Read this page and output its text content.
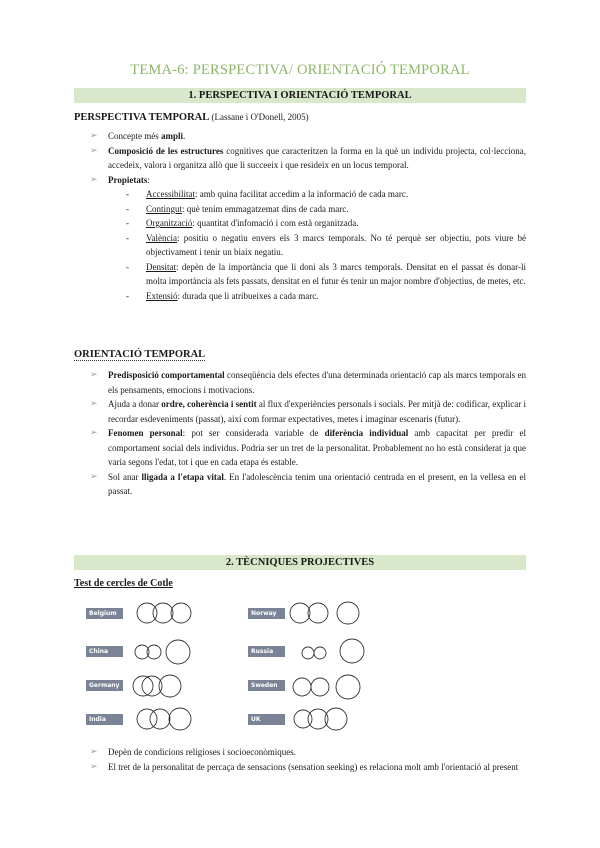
TEMA-6: PERSPECTIVA/ ORIENTACIÓ TEMPORAL
1. PERSPECTIVA I ORIENTACIÓ TEMPORAL
PERSPECTIVA TEMPORAL (Lassane i O'Donell, 2005)
➢ Concepte més ampli.
➢ Composició de les estructures cognitives que caracteritzen la forma en la què un individu projecta, col·lecciona, accedeix, valora i organitza allò que li succeeix i que resideix en un locus temporal.
➢ Propietats:
- Accessibilitat: amb quina facilitat accedim a la informació de cada marc.
- Contingut: què tenim emmagatzemat dins de cada marc.
- Organització: quantitat d'infomació i com està organitzada.
- València: positiu o negatiu envers els 3 marcs temporals. No té perquè ser objectiu, pots viure bé objectivament i tenir un biaix negatiu.
- Densitat: depèn de la importància que li doni als 3 marcs temporals. Densitat en el passat és donar-li molta importància als fets passats, densitat en el futur és tenir un major nombre d'objectius, de metes, etc.
- Extensió: durada que li atribueixes a cada marc.
ORIENTACIÓ TEMPORAL
➢ Predisposició comportamental conseqüència dels efectes d'una determinada orientació cap als marcs temporals en els pensaments, emocions i motivacions.
➢ Ajuda a donar ordre, coherència i sentit al flux d'experiències personals i socials. Per mitjà de: codificar, explicar i recordar esdeveniments (passat), així com formar expectatives, metes i imaginar escenaris (futur).
➢ Fenomen personal: pot ser considerada variable de diferència individual amb capacitat per predir el comportament social dels individus. Podria ser un tret de la personalitat. Probablement no ho està considerat ja que varia segons l'edat, tot i que en cada etapa és estable.
➢ Sol anar lligada a l'etapa vital. En l'adolescència tenim una orientació centrada en el present, en la vellesa en el passat.
2. TÈCNIQUES PROJECTIVES
Test de cercles de Cotle
Belgium	Norway
China	Russia
Germany	Sweden
India	UK
➢ Depèn de condicions religioses i socioeconòmiques.
➢ El tret de la personalitat de percaça de sensacions (sensation seeking) es relaciona molt amb l'orientació al present
